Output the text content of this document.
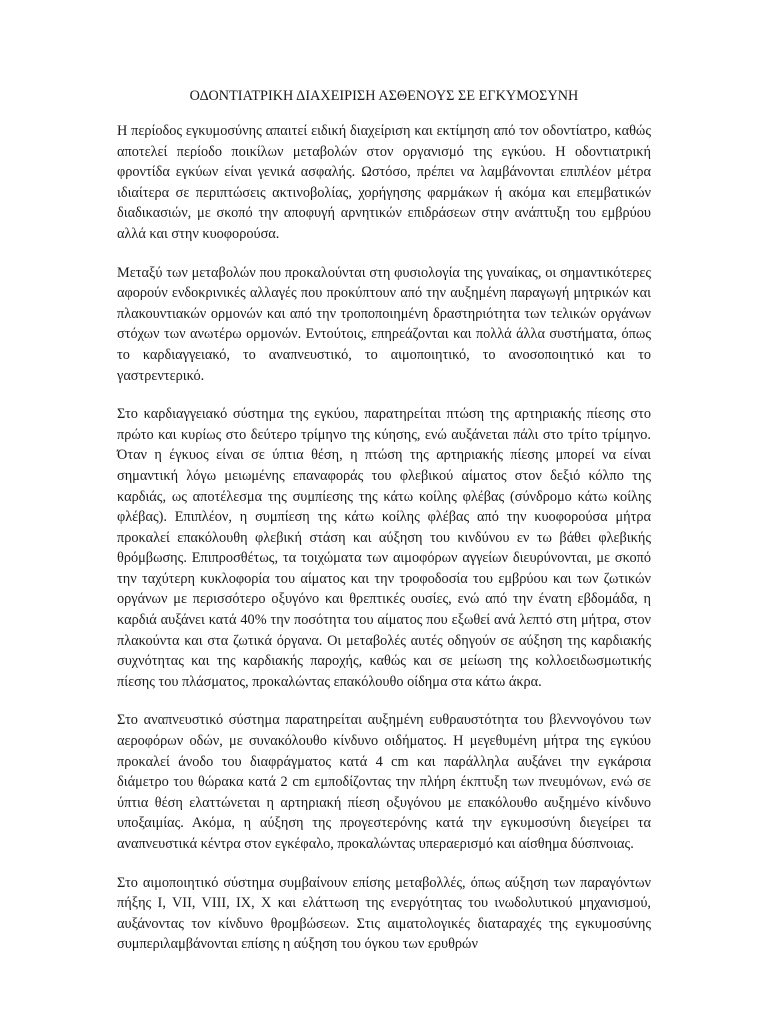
ΟΔΟΝΤΙΑΤΡΙΚΗ ΔΙΑΧΕΙΡΙΣΗ ΑΣΘΕΝΟΥΣ ΣΕ ΕΓΚΥΜΟΣΥΝΗ

Η περίοδος εγκυμοσύνης απαιτεί ειδική διαχείριση και εκτίμηση από τον οδοντίατρο, καθώς αποτελεί περίοδο ποικίλων μεταβολών στον οργανισμό της εγκύου. Η οδοντιατρική φροντίδα εγκύων είναι γενικά ασφαλής. Ωστόσο, πρέπει να λαμβάνονται επιπλέον μέτρα ιδιαίτερα σε περιπτώσεις ακτινοβολίας, χορήγησης φαρμάκων ή ακόμα και επεμβατικών διαδικασιών, με σκοπό την αποφυγή αρνητικών επιδράσεων στην ανάπτυξη του εμβρύου αλλά και στην κυοφορούσα.

Μεταξύ των μεταβολών που προκαλούνται στη φυσιολογία της γυναίκας, οι σημαντικότερες αφορούν ενδοκρινικές αλλαγές που προκύπτουν από την αυξημένη παραγωγή μητρικών και πλακουντιακών ορμονών και από την τροποποιημένη δραστηριότητα των τελικών οργάνων στόχων των ανωτέρω ορμονών. Εντούτοις, επηρεάζονται και πολλά άλλα συστήματα, όπως το καρδιαγγειακό, το αναπνευστικό, το αιμοποιητικό, το ανοσοποιητικό και το γαστρεντερικό.

Στο καρδιαγγειακό σύστημα της εγκύου, παρατηρείται πτώση της αρτηριακής πίεσης στο πρώτο και κυρίως στο δεύτερο τρίμηνο της κύησης, ενώ αυξάνεται πάλι στο τρίτο τρίμηνο. Όταν η έγκυος είναι σε ύπτια θέση, η πτώση της αρτηριακής πίεσης μπορεί να είναι σημαντική λόγω μειωμένης επαναφοράς του φλεβικού αίματος στον δεξιό κόλπο της καρδιάς, ως αποτέλεσμα της συμπίεσης της κάτω κοίλης φλέβας (σύνδρομο κάτω κοίλης φλέβας). Επιπλέον, η συμπίεση της κάτω κοίλης φλέβας από την κυοφορούσα μήτρα προκαλεί επακόλουθη φλεβική στάση και αύξηση του κινδύνου εν τω βάθει φλεβικής θρόμβωσης. Επιπροσθέτως, τα τοιχώματα των αιμοφόρων αγγείων διευρύνονται, με σκοπό την ταχύτερη κυκλοφορία του αίματος και την τροφοδοσία του εμβρύου και των ζωτικών οργάνων με περισσότερο οξυγόνο και θρεπτικές ουσίες, ενώ από την ένατη εβδομάδα, η καρδιά αυξάνει κατά 40% την ποσότητα του αίματος που εξωθεί ανά λεπτό στη μήτρα, στον πλακούντα και στα ζωτικά όργανα. Οι μεταβολές αυτές οδηγούν σε αύξηση της καρδιακής συχνότητας και της καρδιακής παροχής, καθώς και σε μείωση της κολλοειδωσμωτικής πίεσης του πλάσματος, προκαλώντας επακόλουθο οίδημα στα κάτω άκρα.

Στο αναπνευστικό σύστημα παρατηρείται αυξημένη ευθραυστότητα του βλεννογόνου των αεροφόρων οδών, με συνακόλουθο κίνδυνο οιδήματος. Η μεγεθυμένη μήτρα της εγκύου προκαλεί άνοδο του διαφράγματος κατά 4 cm και παράλληλα αυξάνει την εγκάρσια διάμετρο του θώρακα κατά 2 cm εμποδίζοντας την πλήρη έκπτυξη των πνευμόνων, ενώ σε ύπτια θέση ελαττώνεται η αρτηριακή πίεση οξυγόνου με επακόλουθο αυξημένο κίνδυνο υποξαιμίας. Ακόμα, η αύξηση της προγεστερόνης κατά την εγκυμοσύνη διεγείρει τα αναπνευστικά κέντρα στον εγκέφαλο, προκαλώντας υπεραερισμό και αίσθημα δύσπνοιας.

Στο αιμοποιητικό σύστημα συμβαίνουν επίσης μεταβολλές, όπως αύξηση των παραγόντων πήξης I, VII, VIII, IX, X και ελάττωση της ενεργότητας του ινωδολυτικού μηχανισμού, αυξάνοντας τον κίνδυνο θρομβώσεων. Στις αιματολογικές διαταραχές της εγκυμοσύνης συμπεριλαμβάνονται επίσης η αύξηση του όγκου των ερυθρών
